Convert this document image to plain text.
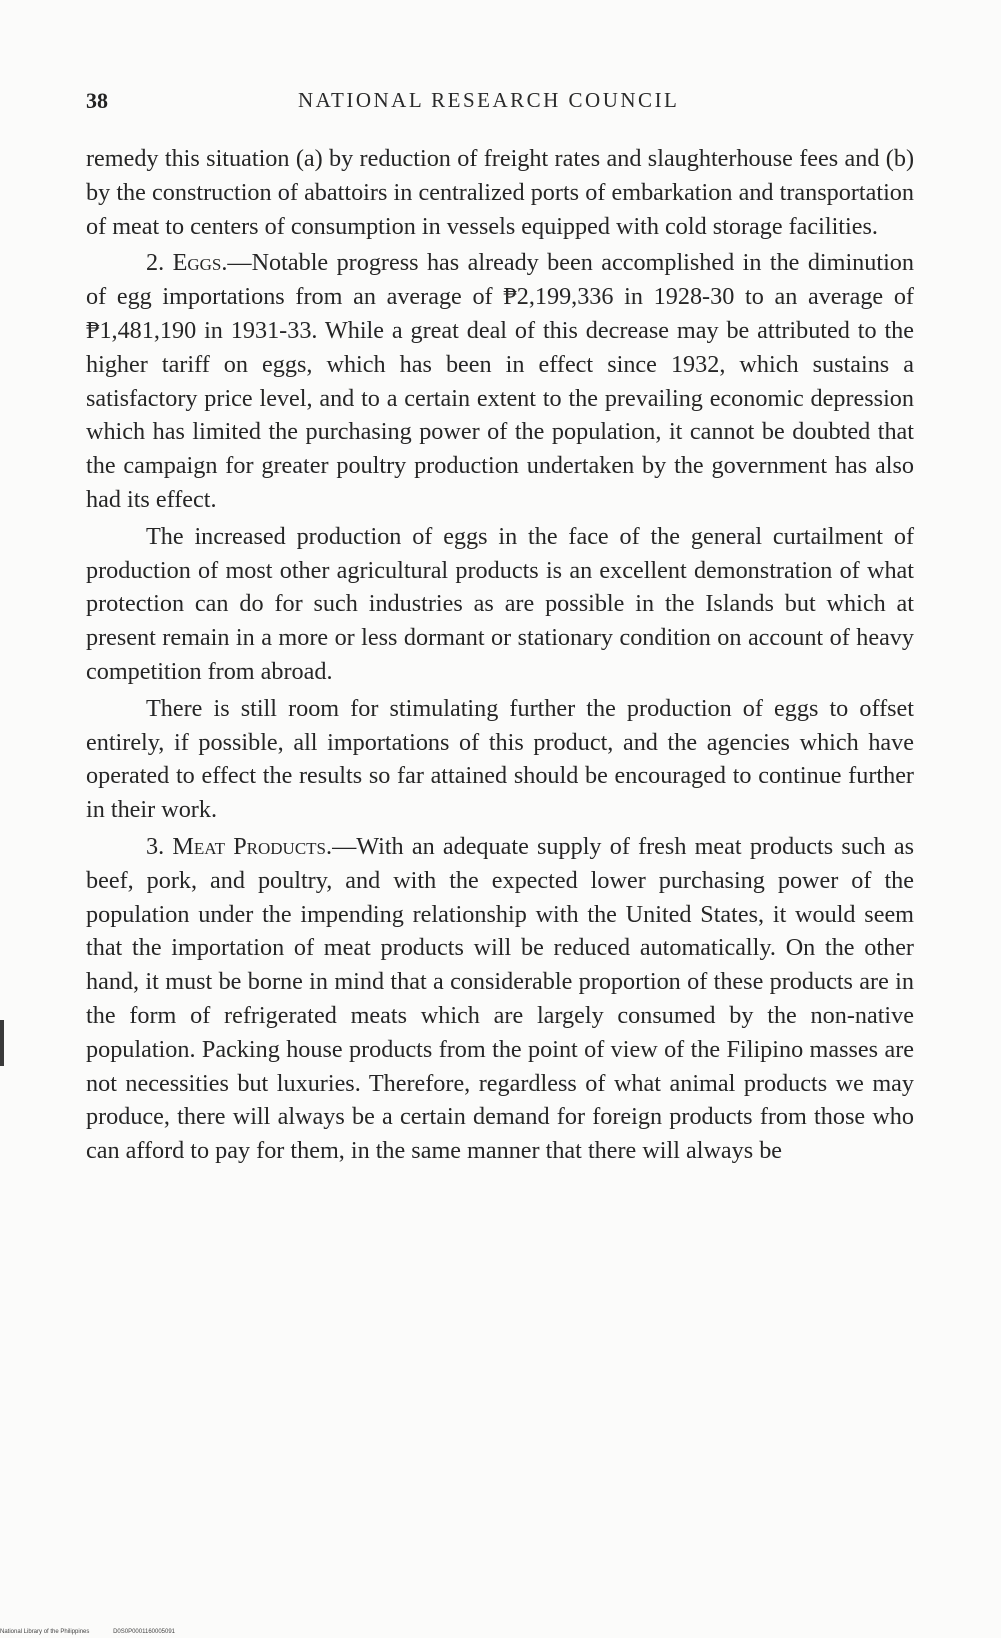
38	NATIONAL RESEARCH COUNCIL

remedy this situation (a) by reduction of freight rates and slaughterhouse fees and (b) by the construction of abattoirs in centralized ports of embarkation and transportation of meat to centers of consumption in vessels equipped with cold storage facilities.

2. Eggs.—Notable progress has already been accomplished in the diminution of egg importations from an average of ₱2,199,336 in 1928-30 to an average of ₱1,481,190 in 1931-33. While a great deal of this decrease may be attributed to the higher tariff on eggs, which has been in effect since 1932, which sustains a satisfactory price level, and to a certain extent to the prevailing economic depression which has limited the purchasing power of the population, it cannot be doubted that the campaign for greater poultry production undertaken by the government has also had its effect.

The increased production of eggs in the face of the general curtailment of production of most other agricultural products is an excellent demonstration of what protection can do for such industries as are possible in the Islands but which at present remain in a more or less dormant or stationary condition on account of heavy competition from abroad.

There is still room for stimulating further the production of eggs to offset entirely, if possible, all importations of this product, and the agencies which have operated to effect the results so far attained should be encouraged to continue further in their work.

3. Meat Products.—With an adequate supply of fresh meat products such as beef, pork, and poultry, and with the expected lower purchasing power of the population under the impending relationship with the United States, it would seem that the importation of meat products will be reduced automatically. On the other hand, it must be borne in mind that a considerable proportion of these products are in the form of refrigerated meats which are largely consumed by the non-native population. Packing house products from the point of view of the Filipino masses are not necessities but luxuries. Therefore, regardless of what animal products we may produce, there will always be a certain demand for foreign products from those who can afford to pay for them, in the same manner that there will always be

National Library of the Philippines	D0S0P0001160005091
